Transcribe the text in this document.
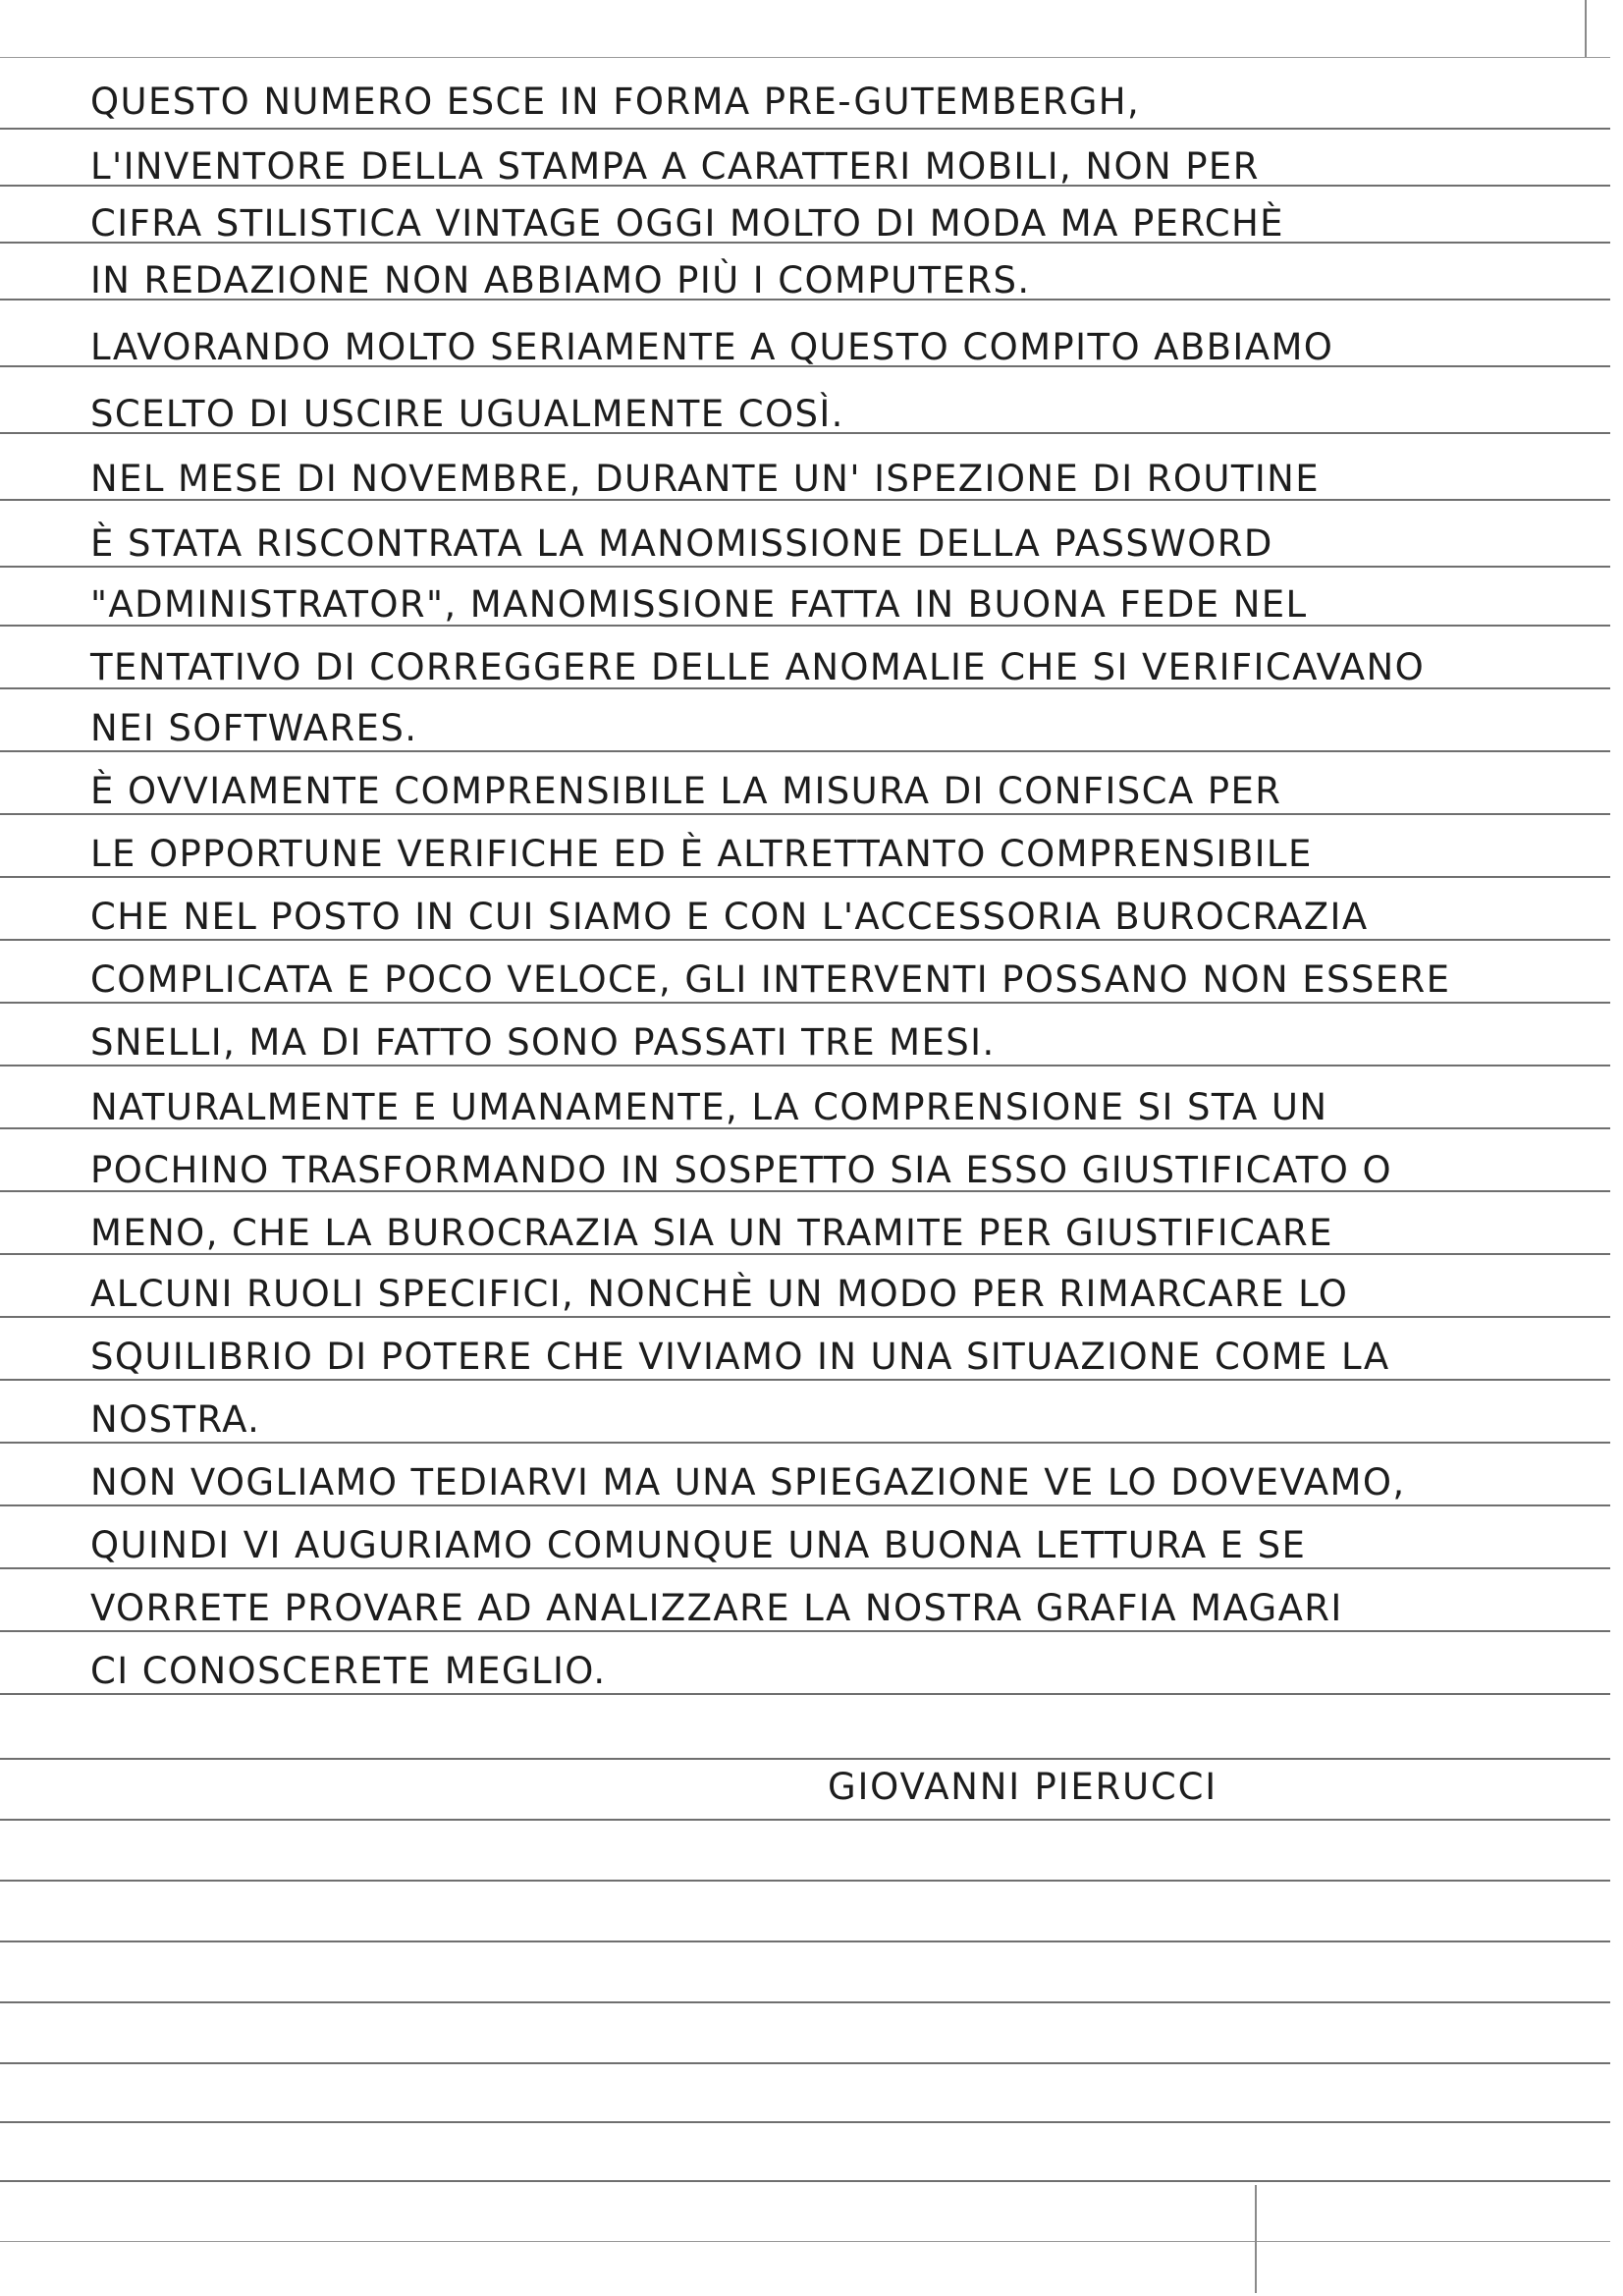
QUESTO NUMERO ESCE IN FORMA PRE-GUTEMBERGH,
L'INVENTORE DELLA STAMPA A CARATTERI MOBILI, NON PER
CIFRA STILISTICA VINTAGE OGGI MOLTO DI MODA MA PERCHÈ
IN REDAZIONE NON ABBIAMO PIÙ I COMPUTERS.
LAVORANDO MOLTO SERIAMENTE A QUESTO COMPITO ABBIAMO
SCELTO DI USCIRE UGUALMENTE COSÌ.
NEL MESE DI NOVEMBRE, DURANTE UN' ISPEZIONE DI ROUTINE
È STATA RISCONTRATA LA MANOMISSIONE DELLA PASSWORD
"ADMINISTRATOR", MANOMISSIONE FATTA IN BUONA FEDE NEL
TENTATIVO DI CORREGGERE DELLE ANOMALIE CHE SI VERIFICAVANO
NEI SOFTWARES.
È OVVIAMENTE COMPRENSIBILE LA MISURA DI CONFISCA PER
LE OPPORTUNE VERIFICHE ED È ALTRETTANTO COMPRENSIBILE
CHE NEL POSTO IN CUI SIAMO E CON L'ACCESSORIA BUROCRAZIA
COMPLICATA E POCO VELOCE, GLI INTERVENTI POSSANO NON ESSERE
SNELLI, MA DI FATTO SONO PASSATI TRE MESI.
NATURALMENTE E UMANAMENTE, LA COMPRENSIONE SI STA UN
POCHINO TRASFORMANDO IN SOSPETTO SIA ESSO GIUSTIFICATO O
MENO, CHE LA BUROCRAZIA SIA UN TRAMITE PER GIUSTIFICARE
ALCUNI RUOLI SPECIFICI, NONCHÈ UN MODO PER RIMARCARE LO
SQUILIBRIO DI POTERE CHE VIVIAMO IN UNA SITUAZIONE COME LA
NOSTRA.
NON VOGLIAMO TEDIARVI MA UNA SPIEGAZIONE VE LO DOVEVAMO,
QUINDI VI AUGURIAMO COMUNQUE UNA BUONA LETTURA E SE
VORRETE PROVARE AD ANALIZZARE LA NOSTRA GRAFIA MAGARI
CI CONOSCERETE MEGLIO.
GIOVANNI PIERUCCI
